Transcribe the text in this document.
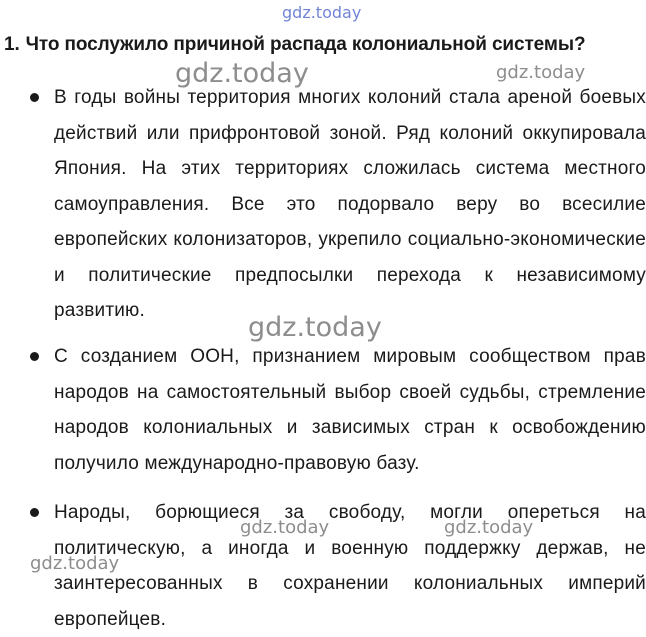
gdz.today
1. Что послужило причиной распада колониальной системы?
В годы войны территория многих колоний стала ареной боевых действий или прифронтовой зоной. Ряд колоний оккупировала Япония. На этих территориях сложилась система местного самоуправления. Все это подорвало веру во всесилие европейских колонизаторов, укрепило социально-экономические и политические предпосылки перехода к независимому развитию.
С созданием ООН, признанием мировым сообществом прав народов на самостоятельный выбор своей судьбы, стремление народов колониальных и зависимых стран к освобождению получило международно-правовую базу.
Народы, борющиеся за свободу, могли опереться на политическую, а иногда и военную поддержку держав, не заинтересованных в сохранении колониальных империй европейцев.
gdz.today	gdz.today
gdz.today
gdz.today	gdz.today
gdz.today
